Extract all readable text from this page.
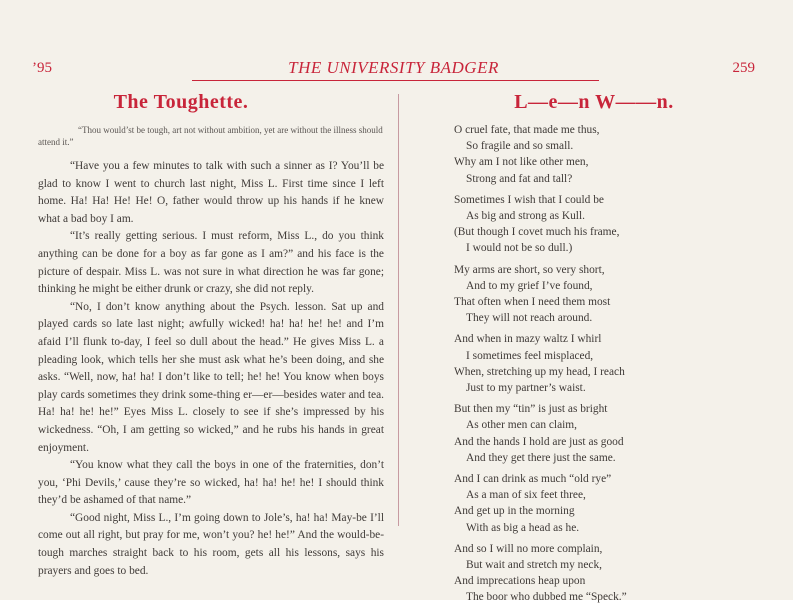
’95	THE UNIVERSITY BADGER	259
The Toughette.

“Thou would’st be tough, art not without ambition, yet are without the illness should attend it.”

“Have you a few minutes to talk with such a sinner as I? You’ll be glad to know I went to church last night, Miss L. First time since I left home. Ha! Ha! He! He! O, father would throw up his hands if he knew what a bad boy I am.

“It’s really getting serious. I must reform, Miss L., do you think anything can be done for a boy as far gone as I am?” and his face is the picture of despair. Miss L. was not sure in what direction he was far gone; thinking he might be either drunk or crazy, she did not reply.

“No, I don’t know anything about the Psych. lesson. Sat up and played cards so late last night; awfully wicked! ha! ha! he! he! and I’m afaid I’ll flunk to-day, I feel so dull about the head.” He gives Miss L. a pleading look, which tells her she must ask what he’s been doing, and she asks. “Well, now, ha! ha! I don’t like to tell; he! he! You know when boys play cards sometimes they drink some-thing er—er—besides water and tea. Ha! ha! he! he!” Eyes Miss L. closely to see if she’s impressed by his wickedness. “Oh, I am getting so wicked,” and he rubs his hands in great enjoyment.

“You know what they call the boys in one of the fraternities, don’t you, ‘Phi Devils,’ cause they’re so wicked, ha! ha! he! he! I should think they’d be ashamed of that name.”

“Good night, Miss L., I’m going down to Jole’s, ha! ha! May-be I’ll come out all right, but pray for me, won’t you? he! he!” And the would-be-tough marches straight back to his room, gets all his lessons, says his prayers and goes to bed.

L—e—n W——n.
O cruel fate, that made me thus,
So fragile and so small.
Why am I not like other men,
Strong and fat and tall?
Sometimes I wish that I could be
As big and strong as Kull.
(But though I covet much his frame,
I would not be so dull.)
My arms are short, so very short,
And to my grief I’ve found,
That often when I need them most
They will not reach around.
And when in mazy waltz I whirl
I sometimes feel misplaced,
When, stretching up my head, I reach
Just to my partner’s waist.
But then my “tin” is just as bright
As other men can claim,
And the hands I hold are just as good
And they get there just the same.
And I can drink as much “old rye”
As a man of six feet three,
And get up in the morning
With as big a head as he.
And so I will no more complain,
But wait and stretch my neck,
And imprecations heap upon
The boor who dubbed me “Speck.”
